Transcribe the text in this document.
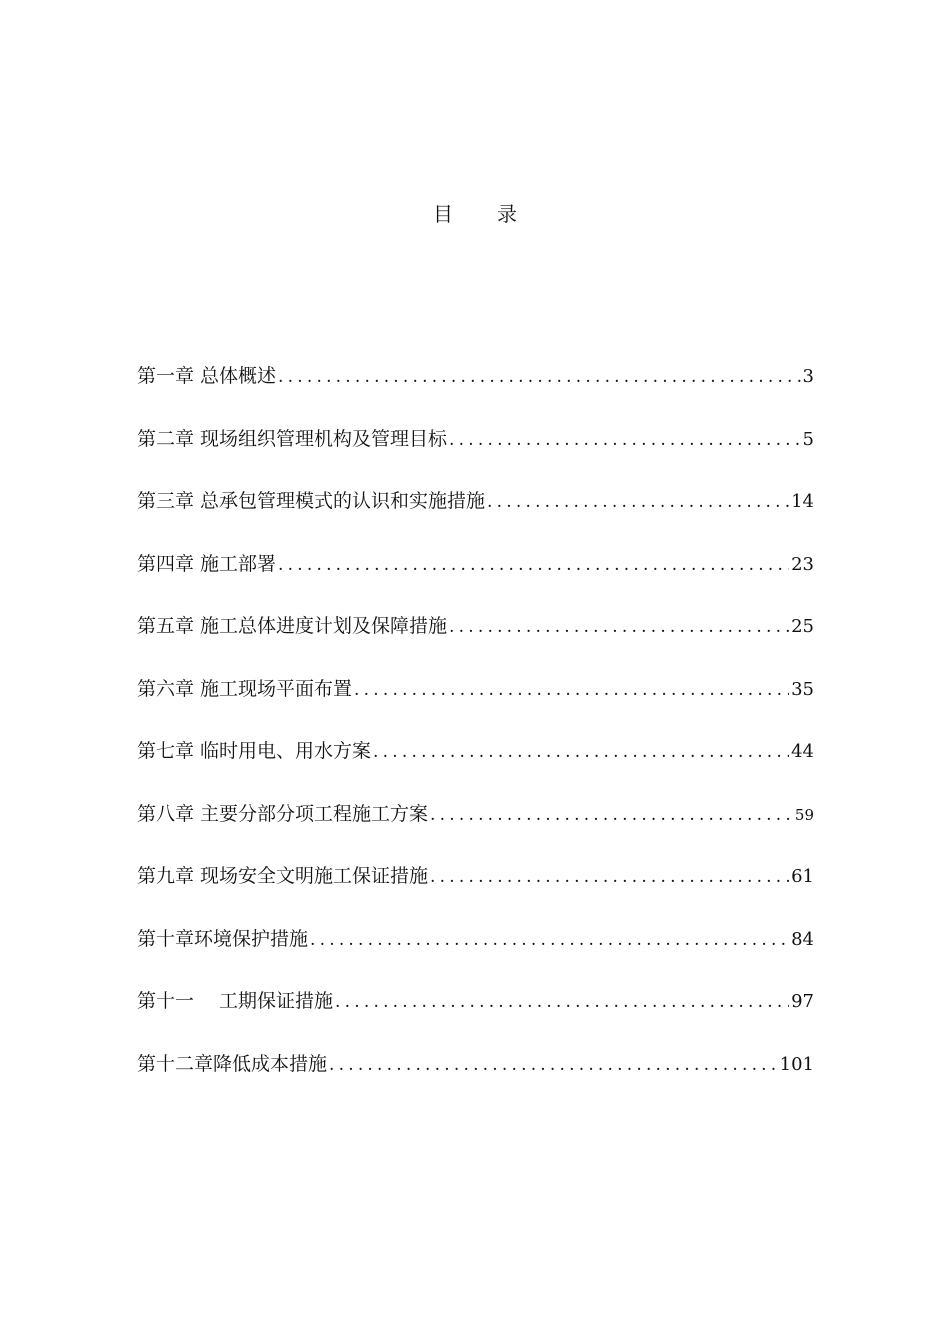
目 录
第一章 总体概述 .....	3
第二章 现场组织管理机构及管理目标 .....	5
第三章 总承包管理模式的认识和实施措施 .....	14
第四章 施工部署 .....	23
第五章 施工总体进度计划及保障措施 .....	25
第六章 施工现场平面布置 .....	35
第七章 临时用电、用水方案 .....	44
第八章 主要分部分项工程施工方案 .....	59
第九章 现场安全文明施工保证措施 .....	61
第十章环境保护措施 .....	84
第十一　 工期保证措施 .....	97
第十二章降低成本措施 .....	101
